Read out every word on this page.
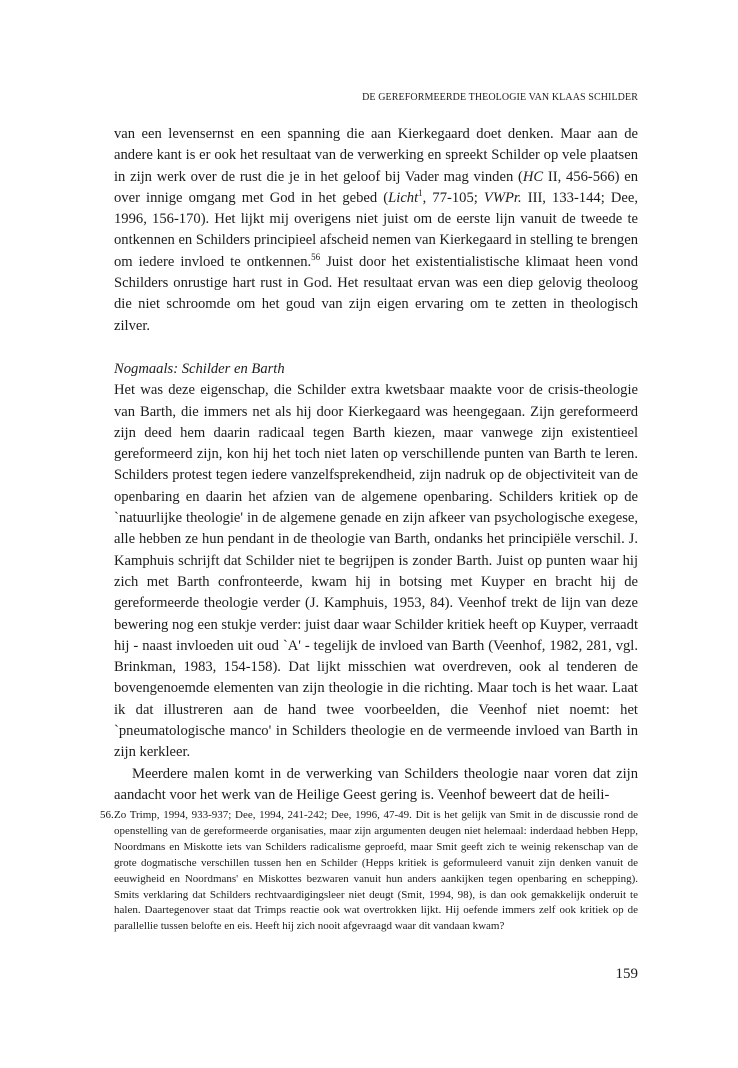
DE GEREFORMEERDE THEOLOGIE VAN KLAAS SCHILDER

van een levensernst en een spanning die aan Kierkegaard doet denken. Maar aan de andere kant is er ook het resultaat van de verwerking en spreekt Schilder op vele plaatsen in zijn werk over de rust die je in het geloof bij Vader mag vinden (HC II, 456-566) en over innige omgang met God in het gebed (Licht$^1$, 77-105; VWPr. III, 133-144; Dee, 1996, 156-170). Het lijkt mij overigens niet juist om de eerste lijn vanuit de tweede te ontkennen en Schilders principieel afscheid nemen van Kierkegaard in stelling te brengen om iedere invloed te ontkennen.$^{56}$ Juist door het existentialistische klimaat heen vond Schilders onrustige hart rust in God. Het resultaat ervan was een diep gelovig theoloog die niet schroomde om het goud van zijn eigen ervaring om te zetten in theologisch zilver.

Nogmaals: Schilder en Barth

Het was deze eigenschap, die Schilder extra kwetsbaar maakte voor de crisis-theologie van Barth, die immers net als hij door Kierkegaard was heengegaan. Zijn gereformeerd zijn deed hem daarin radicaal tegen Barth kiezen, maar vanwege zijn existentieel gereformeerd zijn, kon hij het toch niet laten op verschillende punten van Barth te leren. Schilders protest tegen iedere vanzelfsprekendheid, zijn nadruk op de objectiviteit van de openbaring en daarin het afzien van de algemene openbaring. Schilders kritiek op de `natuurlijke theologie' in de algemene genade en zijn afkeer van psychologische exegese, alle hebben ze hun pendant in de theologie van Barth, ondanks het principiële verschil. J. Kamphuis schrijft dat Schilder niet te begrijpen is zonder Barth. Juist op punten waar hij zich met Barth confronteerde, kwam hij in botsing met Kuyper en bracht hij de gereformeerde theologie verder (J. Kamphuis, 1953, 84). Veenhof trekt de lijn van deze bewering nog een stukje verder: juist daar waar Schilder kritiek heeft op Kuyper, verraadt hij - naast invloeden uit oud `A' - tegelijk de invloed van Barth (Veenhof, 1982, 281, vgl. Brinkman, 1983, 154-158). Dat lijkt misschien wat overdreven, ook al tenderen de bovengenoemde elementen van zijn theologie in die richting. Maar toch is het waar. Laat ik dat illustreren aan de hand twee voorbeelden, die Veenhof niet noemt: het `pneumatologische manco' in Schilders theologie en de vermeende invloed van Barth in zijn kerkleer.

Meerdere malen komt in de verwerking van Schilders theologie naar voren dat zijn aandacht voor het werk van de Heilige Geest gering is. Veenhof beweert dat de heili-

56. Zo Trimp, 1994, 933-937; Dee, 1994, 241-242; Dee, 1996, 47-49. Dit is het gelijk van Smit in de discussie rond de openstelling van de gereformeerde organisaties, maar zijn argumenten deugen niet helemaal: inderdaad hebben Hepp, Noordmans en Miskotte iets van Schilders radicalisme geproefd, maar Smit geeft zich te weinig rekenschap van de grote dogmatische verschillen tussen hen en Schilder (Hepps kritiek is geformuleerd vanuit zijn denken vanuit de eeuwigheid en Noordmans' en Miskottes bezwaren vanuit hun anders aankijken tegen openbaring en schepping). Smits verklaring dat Schilders rechtvaardigingsleer niet deugt (Smit, 1994, 98), is dan ook gemakkelijk onderuit te halen. Daartegenover staat dat Trimps reactie ook wat overtrokken lijkt. Hij oefende immers zelf ook kritiek op de parallellie tussen belofte en eis. Heeft hij zich nooit afgevraagd waar dit vandaan kwam?
159
